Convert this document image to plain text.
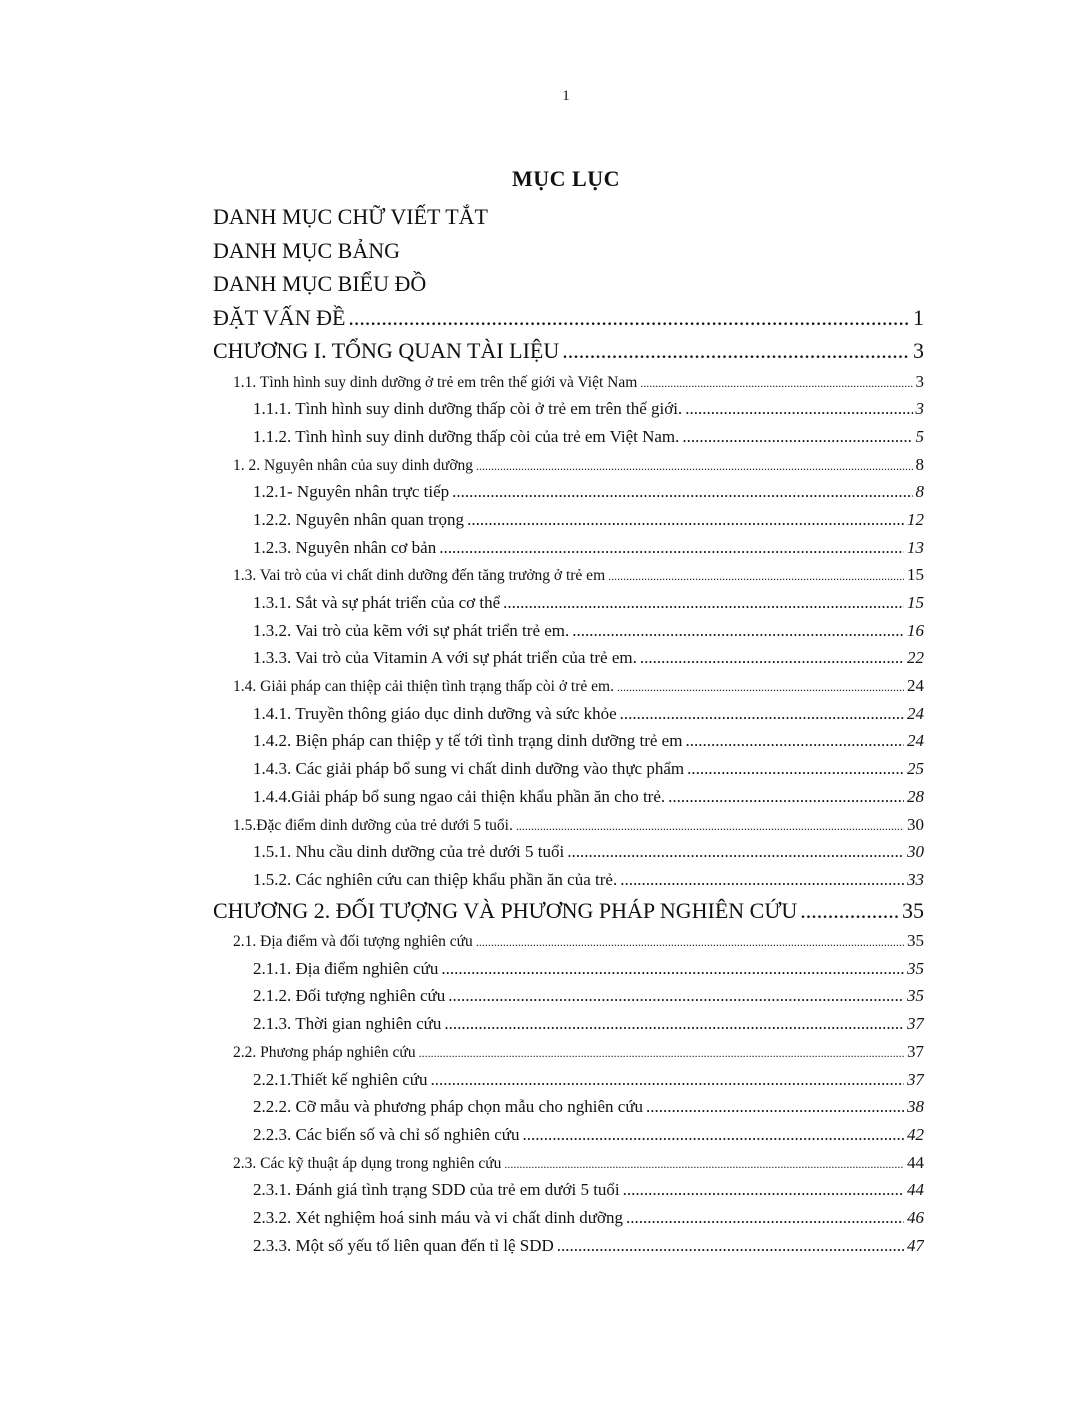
1
MỤC LỤC
DANH MỤC CHỮ VIẾT TẮT
DANH MỤC BẢNG
DANH MỤC BIỂU ĐỒ
ĐẶT VẤN ĐỀ .....	1
CHƯƠNG I. TỔNG QUAN TÀI LIỆU .....	3
1.1. Tình hình suy dinh dưỡng ở trẻ em trên thế giới và Việt Nam .....	3
1.1.1. Tình hình suy dinh dưỡng thấp còi ở trẻ em trên thế giới. .....	3
1.1.2. Tình hình suy dinh dưỡng thấp còi của trẻ em Việt Nam. .....	5
1. 2. Nguyên nhân của suy dinh dưỡng .....	8
1.2.1- Nguyên nhân trực tiếp .....	8
1.2.2. Nguyên nhân quan trọng .....	12
1.2.3. Nguyên nhân cơ bản .....	13
1.3. Vai trò của vi chất dinh dưỡng đến tăng trưởng ở trẻ em .....	15
1.3.1. Sắt và sự phát triển của cơ thể .....	15
1.3.2. Vai trò của kẽm với sự phát triển trẻ em. .....	16
1.3.3. Vai trò của Vitamin A với sự phát triển của trẻ em. .....	22
1.4. Giải pháp can thiệp cải thiện tình trạng thấp còi ở trẻ em. .....	24
1.4.1. Truyền thông giáo dục dinh dưỡng và sức khỏe .....	24
1.4.2. Biện pháp can thiệp y tế tới tình trạng dinh dưỡng trẻ em .....	24
1.4.3. Các giải pháp bổ sung vi chất dinh dưỡng vào thực phẩm .....	25
1.4.4.Giải pháp bổ sung ngao cải thiện khẩu phần ăn cho trẻ. .....	28
1.5.Đặc điểm dinh dưỡng của trẻ dưới 5 tuổi. .....	30
1.5.1. Nhu cầu dinh dưỡng của trẻ dưới 5 tuổi .....	30
1.5.2. Các nghiên cứu can thiệp khẩu phần ăn của trẻ. .....	33
CHƯƠNG 2. ĐỐI TƯỢNG VÀ PHƯƠNG PHÁP NGHIÊN CỨU .....	35
2.1. Địa điểm và đối tượng nghiên cứu .....	35
2.1.1. Địa điểm nghiên cứu .....	35
2.1.2. Đối tượng nghiên cứu .....	35
2.1.3. Thời gian nghiên cứu .....	37
2.2. Phương pháp nghiên cứu .....	37
2.2.1.Thiết kế nghiên cứu .....	37
2.2.2. Cỡ mẫu và phương pháp chọn mẫu cho nghiên cứu .....	38
2.2.3. Các biến số và chỉ số nghiên cứu .....	42
2.3. Các kỹ thuật áp dụng trong nghiên cứu .....	44
2.3.1. Đánh giá tình trạng SDD của trẻ em dưới 5 tuổi .....	44
2.3.2. Xét nghiệm hoá sinh máu và vi chất dinh dưỡng .....	46
2.3.3. Một số yếu tố liên quan đến tỉ lệ SDD .....	47
